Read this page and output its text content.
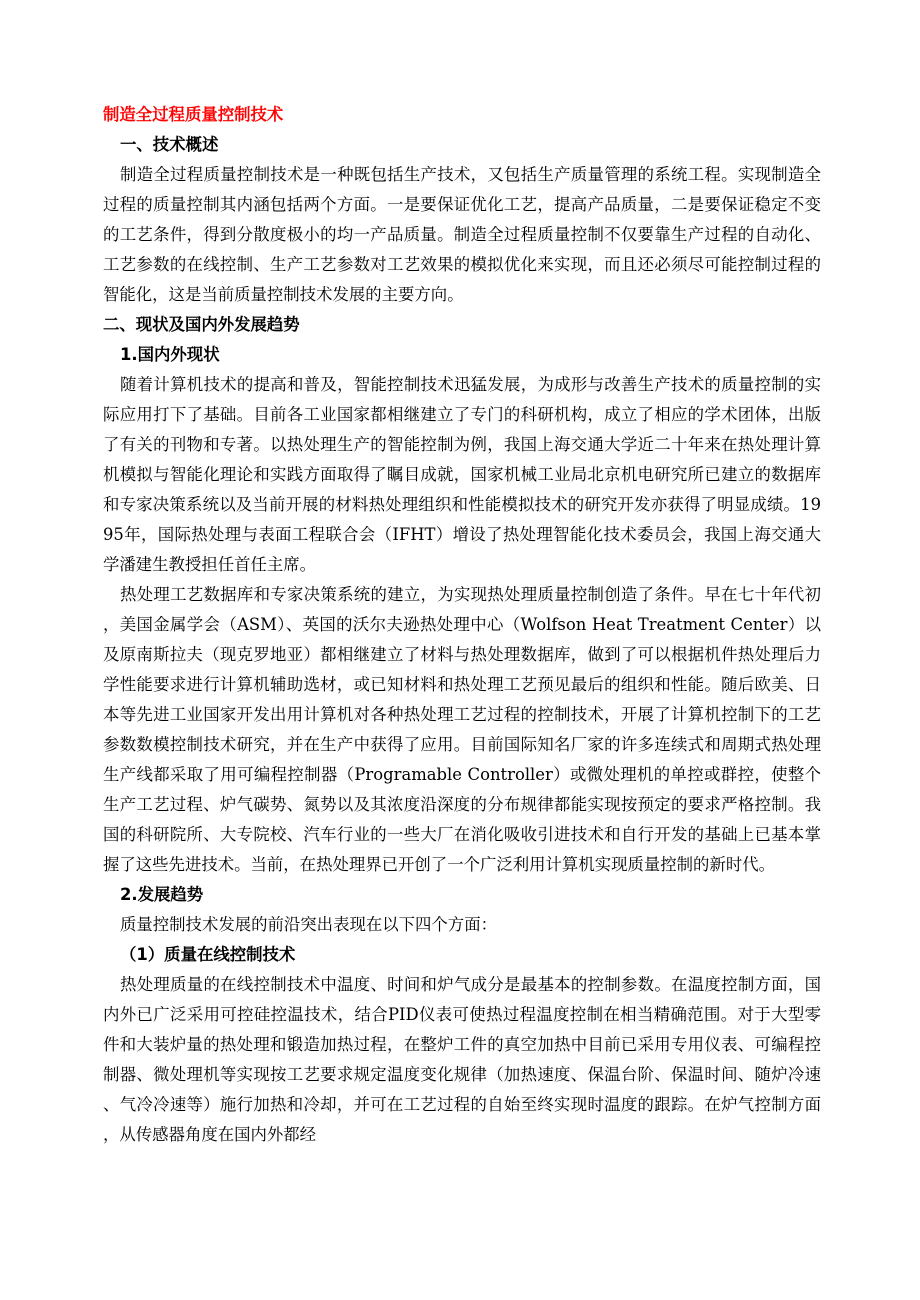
制造全过程质量控制技术

一、技术概述

制造全过程质量控制技术是一种既包括生产技术，又包括生产质量管理的系统工程。实现制造全过程的质量控制其内涵包括两个方面。一是要保证优化工艺，提高产品质量，二是要保证稳定不变的工艺条件，得到分散度极小的均一产品质量。制造全过程质量控制不仅要靠生产过程的自动化、工艺参数的在线控制、生产工艺参数对工艺效果的模拟优化来实现，而且还必须尽可能控制过程的智能化，这是当前质量控制技术发展的主要方向。

二、现状及国内外发展趋势

1.国内外现状

随着计算机技术的提高和普及，智能控制技术迅猛发展，为成形与改善生产技术的质量控制的实际应用打下了基础。目前各工业国家都相继建立了专门的科研机构，成立了相应的学术团体，出版了有关的刊物和专著。以热处理生产的智能控制为例，我国上海交通大学近二十年来在热处理计算机模拟与智能化理论和实践方面取得了瞩目成就，国家机械工业局北京机电研究所已建立的数据库和专家决策系统以及当前开展的材料热处理组织和性能模拟技术的研究开发亦获得了明显成绩。1995年，国际热处理与表面工程联合会（IFHT）增设了热处理智能化技术委员会，我国上海交通大学潘建生教授担任首任主席。

热处理工艺数据库和专家决策系统的建立，为实现热处理质量控制创造了条件。早在七十年代初，美国金属学会（ASM）、英国的沃尔夫逊热处理中心（Wolfson Heat Treatment Center）以及原南斯拉夫（现克罗地亚）都相继建立了材料与热处理数据库，做到了可以根据机件热处理后力学性能要求进行计算机辅助选材，或已知材料和热处理工艺预见最后的组织和性能。随后欧美、日本等先进工业国家开发出用计算机对各种热处理工艺过程的控制技术，开展了计算机控制下的工艺参数数模控制技术研究，并在生产中获得了应用。目前国际知名厂家的许多连续式和周期式热处理生产线都采取了用可编程控制器（Programable Controller）或微处理机的单控或群控，使整个生产工艺过程、炉气碳势、氮势以及其浓度沿深度的分布规律都能实现按预定的要求严格控制。我国的科研院所、大专院校、汽车行业的一些大厂在消化吸收引进技术和自行开发的基础上已基本掌握了这些先进技术。当前，在热处理界已开创了一个广泛利用计算机实现质量控制的新时代。

2.发展趋势

质量控制技术发展的前沿突出表现在以下四个方面：

（1）质量在线控制技术

热处理质量的在线控制技术中温度、时间和炉气成分是最基本的控制参数。在温度控制方面，国内外已广泛采用可控硅控温技术，结合PID仪表可使热过程温度控制在相当精确范围。对于大型零件和大装炉量的热处理和锻造加热过程，在整炉工件的真空加热中目前已采用专用仪表、可编程控制器、微处理机等实现按工艺要求规定温度变化规律（加热速度、保温台阶、保温时间、随炉冷速、气冷冷速等）施行加热和冷却，并可在工艺过程的自始至终实现时温度的跟踪。在炉气控制方面，从传感器角度在国内外都经
